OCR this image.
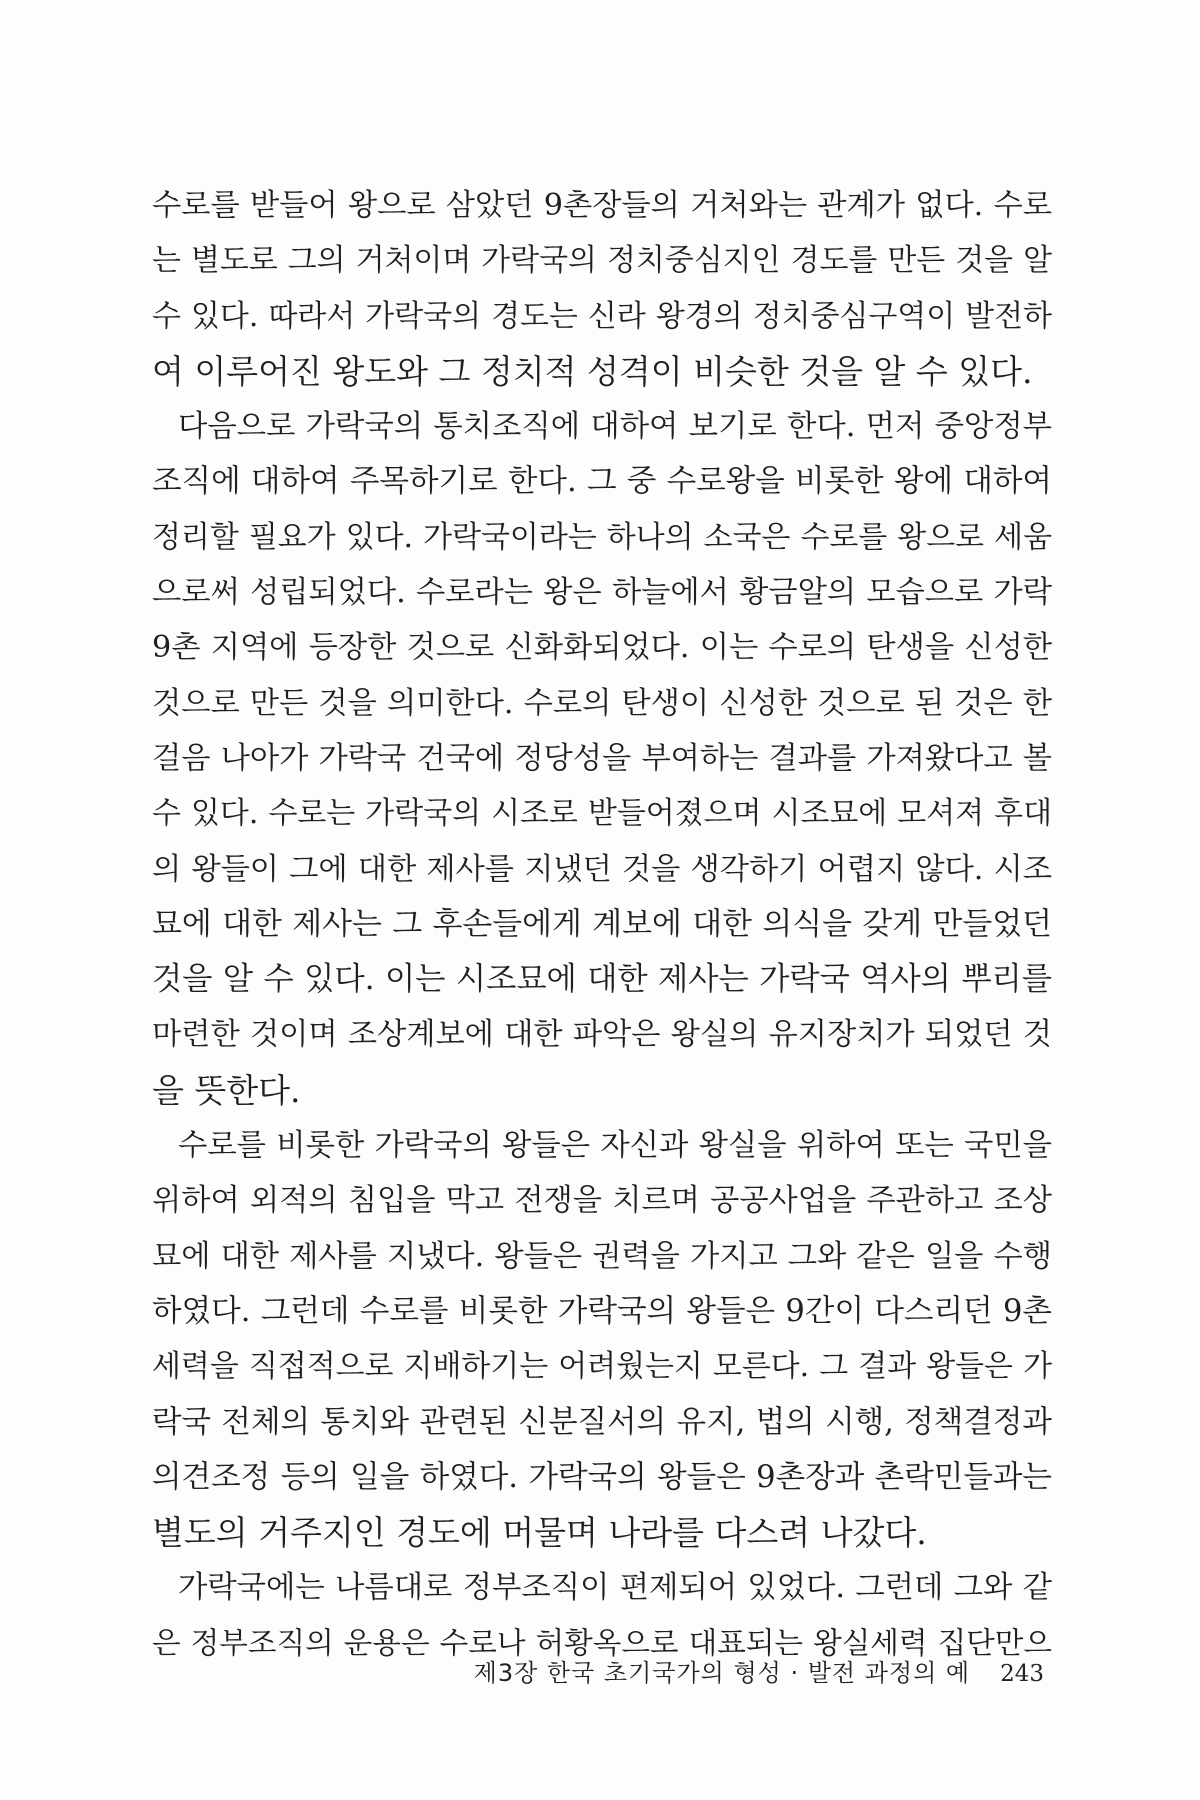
수로를 받들어 왕으로 삼았던 9촌장들의 거처와는 관계가 없다. 수로
는 별도로 그의 거처이며 가락국의 정치중심지인 경도를 만든 것을 알
수 있다. 따라서 가락국의 경도는 신라 왕경의 정치중심구역이 발전하
여 이루어진 왕도와 그 정치적 성격이 비슷한 것을 알 수 있다.
다음으로 가락국의 통치조직에 대하여 보기로 한다. 먼저 중앙정부
조직에 대하여 주목하기로 한다. 그 중 수로왕을 비롯한 왕에 대하여
정리할 필요가 있다. 가락국이라는 하나의 소국은 수로를 왕으로 세움
으로써 성립되었다. 수로라는 왕은 하늘에서 황금알의 모습으로 가락
9촌 지역에 등장한 것으로 신화화되었다. 이는 수로의 탄생을 신성한
것으로 만든 것을 의미한다. 수로의 탄생이 신성한 것으로 된 것은 한
걸음 나아가 가락국 건국에 정당성을 부여하는 결과를 가져왔다고 볼
수 있다. 수로는 가락국의 시조로 받들어졌으며 시조묘에 모셔져 후대
의 왕들이 그에 대한 제사를 지냈던 것을 생각하기 어렵지 않다. 시조
묘에 대한 제사는 그 후손들에게 계보에 대한 의식을 갖게 만들었던
것을 알 수 있다. 이는 시조묘에 대한 제사는 가락국 역사의 뿌리를
마련한 것이며 조상계보에 대한 파악은 왕실의 유지장치가 되었던 것
을 뜻한다.
수로를 비롯한 가락국의 왕들은 자신과 왕실을 위하여 또는 국민을
위하여 외적의 침입을 막고 전쟁을 치르며 공공사업을 주관하고 조상
묘에 대한 제사를 지냈다. 왕들은 권력을 가지고 그와 같은 일을 수행
하였다. 그런데 수로를 비롯한 가락국의 왕들은 9간이 다스리던 9촌
세력을 직접적으로 지배하기는 어려웠는지 모른다. 그 결과 왕들은 가
락국 전체의 통치와 관련된 신분질서의 유지, 법의 시행, 정책결정과
의견조정 등의 일을 하였다. 가락국의 왕들은 9촌장과 촌락민들과는
별도의 거주지인 경도에 머물며 나라를 다스려 나갔다.
가락국에는 나름대로 정부조직이 편제되어 있었다. 그런데 그와 같
은 정부조직의 운용은 수로나 허황옥으로 대표되는 왕실세력 집단만으
제3장 한국 초기국가의 형성 · 발전 과정의 예 243
